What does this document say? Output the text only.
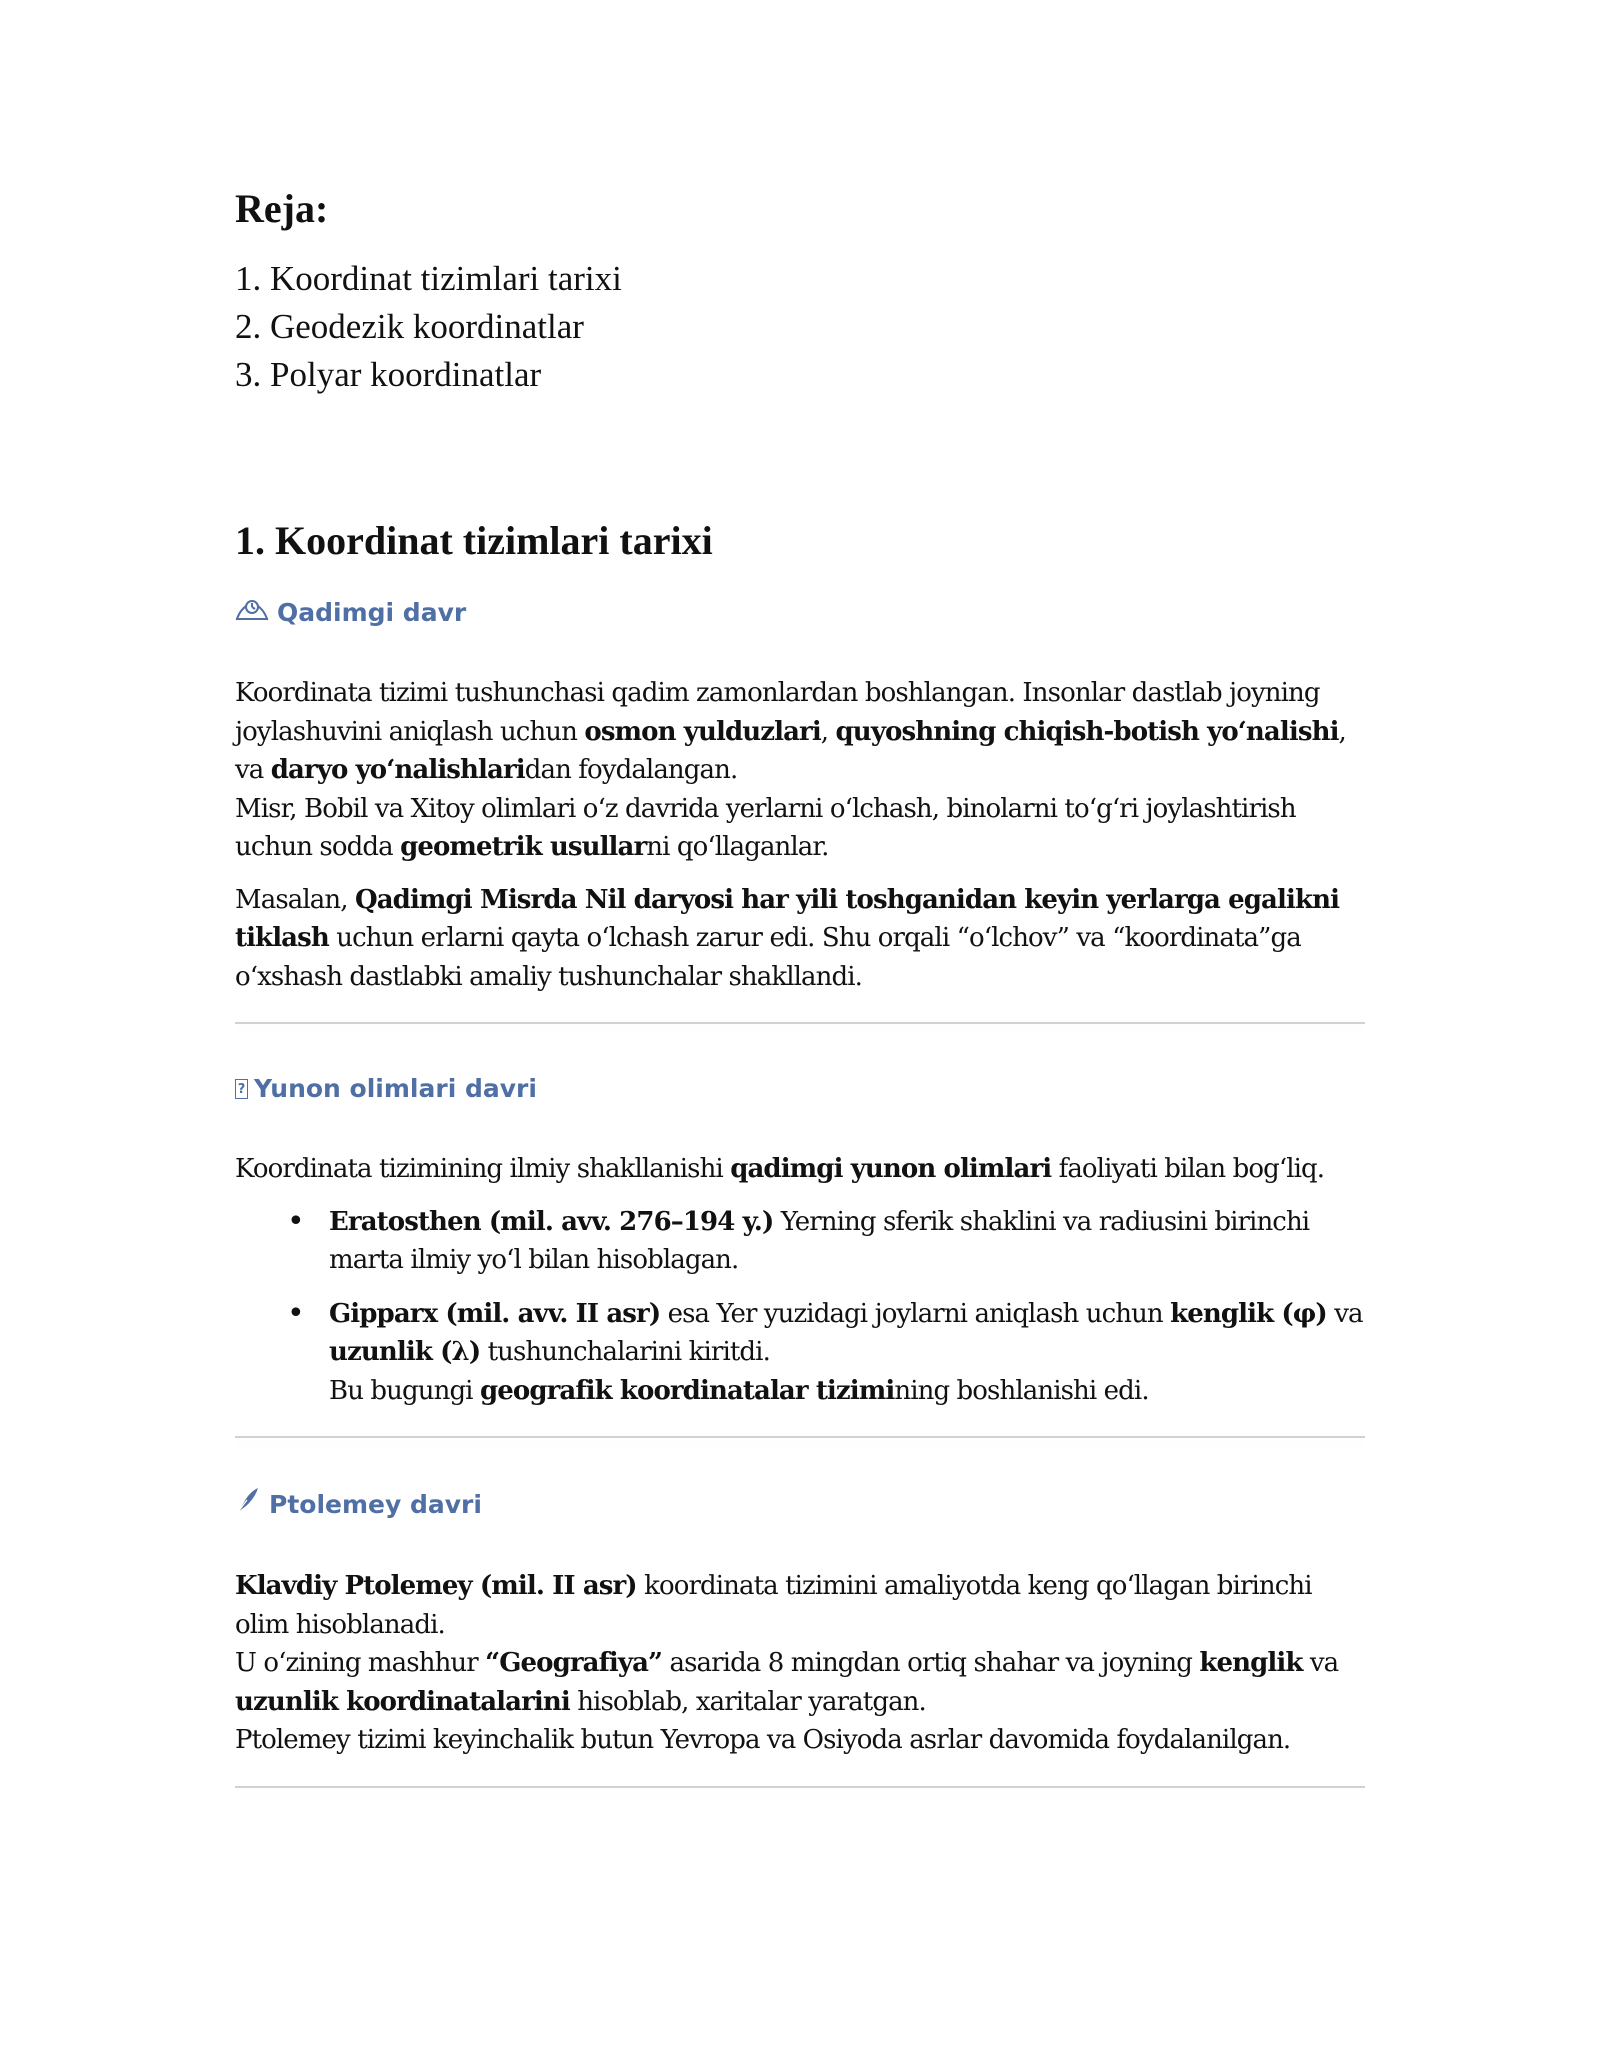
Reja:
1. Koordinat tizimlari tarixi
2. Geodezik koordinatlar
3. Polyar koordinatlar
1. Koordinat tizimlari tarixi
Qadimgi davr

Koordinata tizimi tushunchasi qadim zamonlardan boshlangan. Insonlar dastlab joyning joylashuvini aniqlash uchun osmon yulduzlari, quyoshning chiqish-botish yo‘nalishi, va daryo yo‘nalishlaridan foydalangan.
Misr, Bobil va Xitoy olimlari o‘z davrida yerlarni o‘lchash, binolarni to‘g‘ri joylashtirish uchun sodda geometrik usullarni qo‘llaganlar.

Masalan, Qadimgi Misrda Nil daryosi har yili toshganidan keyin yerlarga egalikni tiklash uchun erlarni qayta o‘lchash zarur edi. Shu orqali “o‘lchov” va “koordinata”ga o‘xshash dastlabki amaliy tushunchalar shakllandi.

? Yunon olimlari davri

Koordinata tizimining ilmiy shakllanishi qadimgi yunon olimlari faoliyati bilan bog‘liq.

• Eratosthen (mil. avv. 276–194 y.) Yerning sferik shaklini va radiusini birinchi marta ilmiy yo‘l bilan hisoblagan.
• Gipparx (mil. avv. II asr) esa Yer yuzidagi joylarni aniqlash uchun kenglik (φ) va uzunlik (λ) tushunchalarini kiritdi.
Bu bugungi geografik koordinatalar tizimining boshlanishi edi.
Ptolemey davri

Klavdiy Ptolemey (mil. II asr) koordinata tizimini amaliyotda keng qo‘llagan birinchi olim hisoblanadi.
U o‘zining mashhur “Geografiya” asarida 8 mingdan ortiq shahar va joyning kenglik va uzunlik koordinatalarini hisoblab, xaritalar yaratgan.
Ptolemey tizimi keyinchalik butun Yevropa va Osiyoda asrlar davomida foydalanilgan.
